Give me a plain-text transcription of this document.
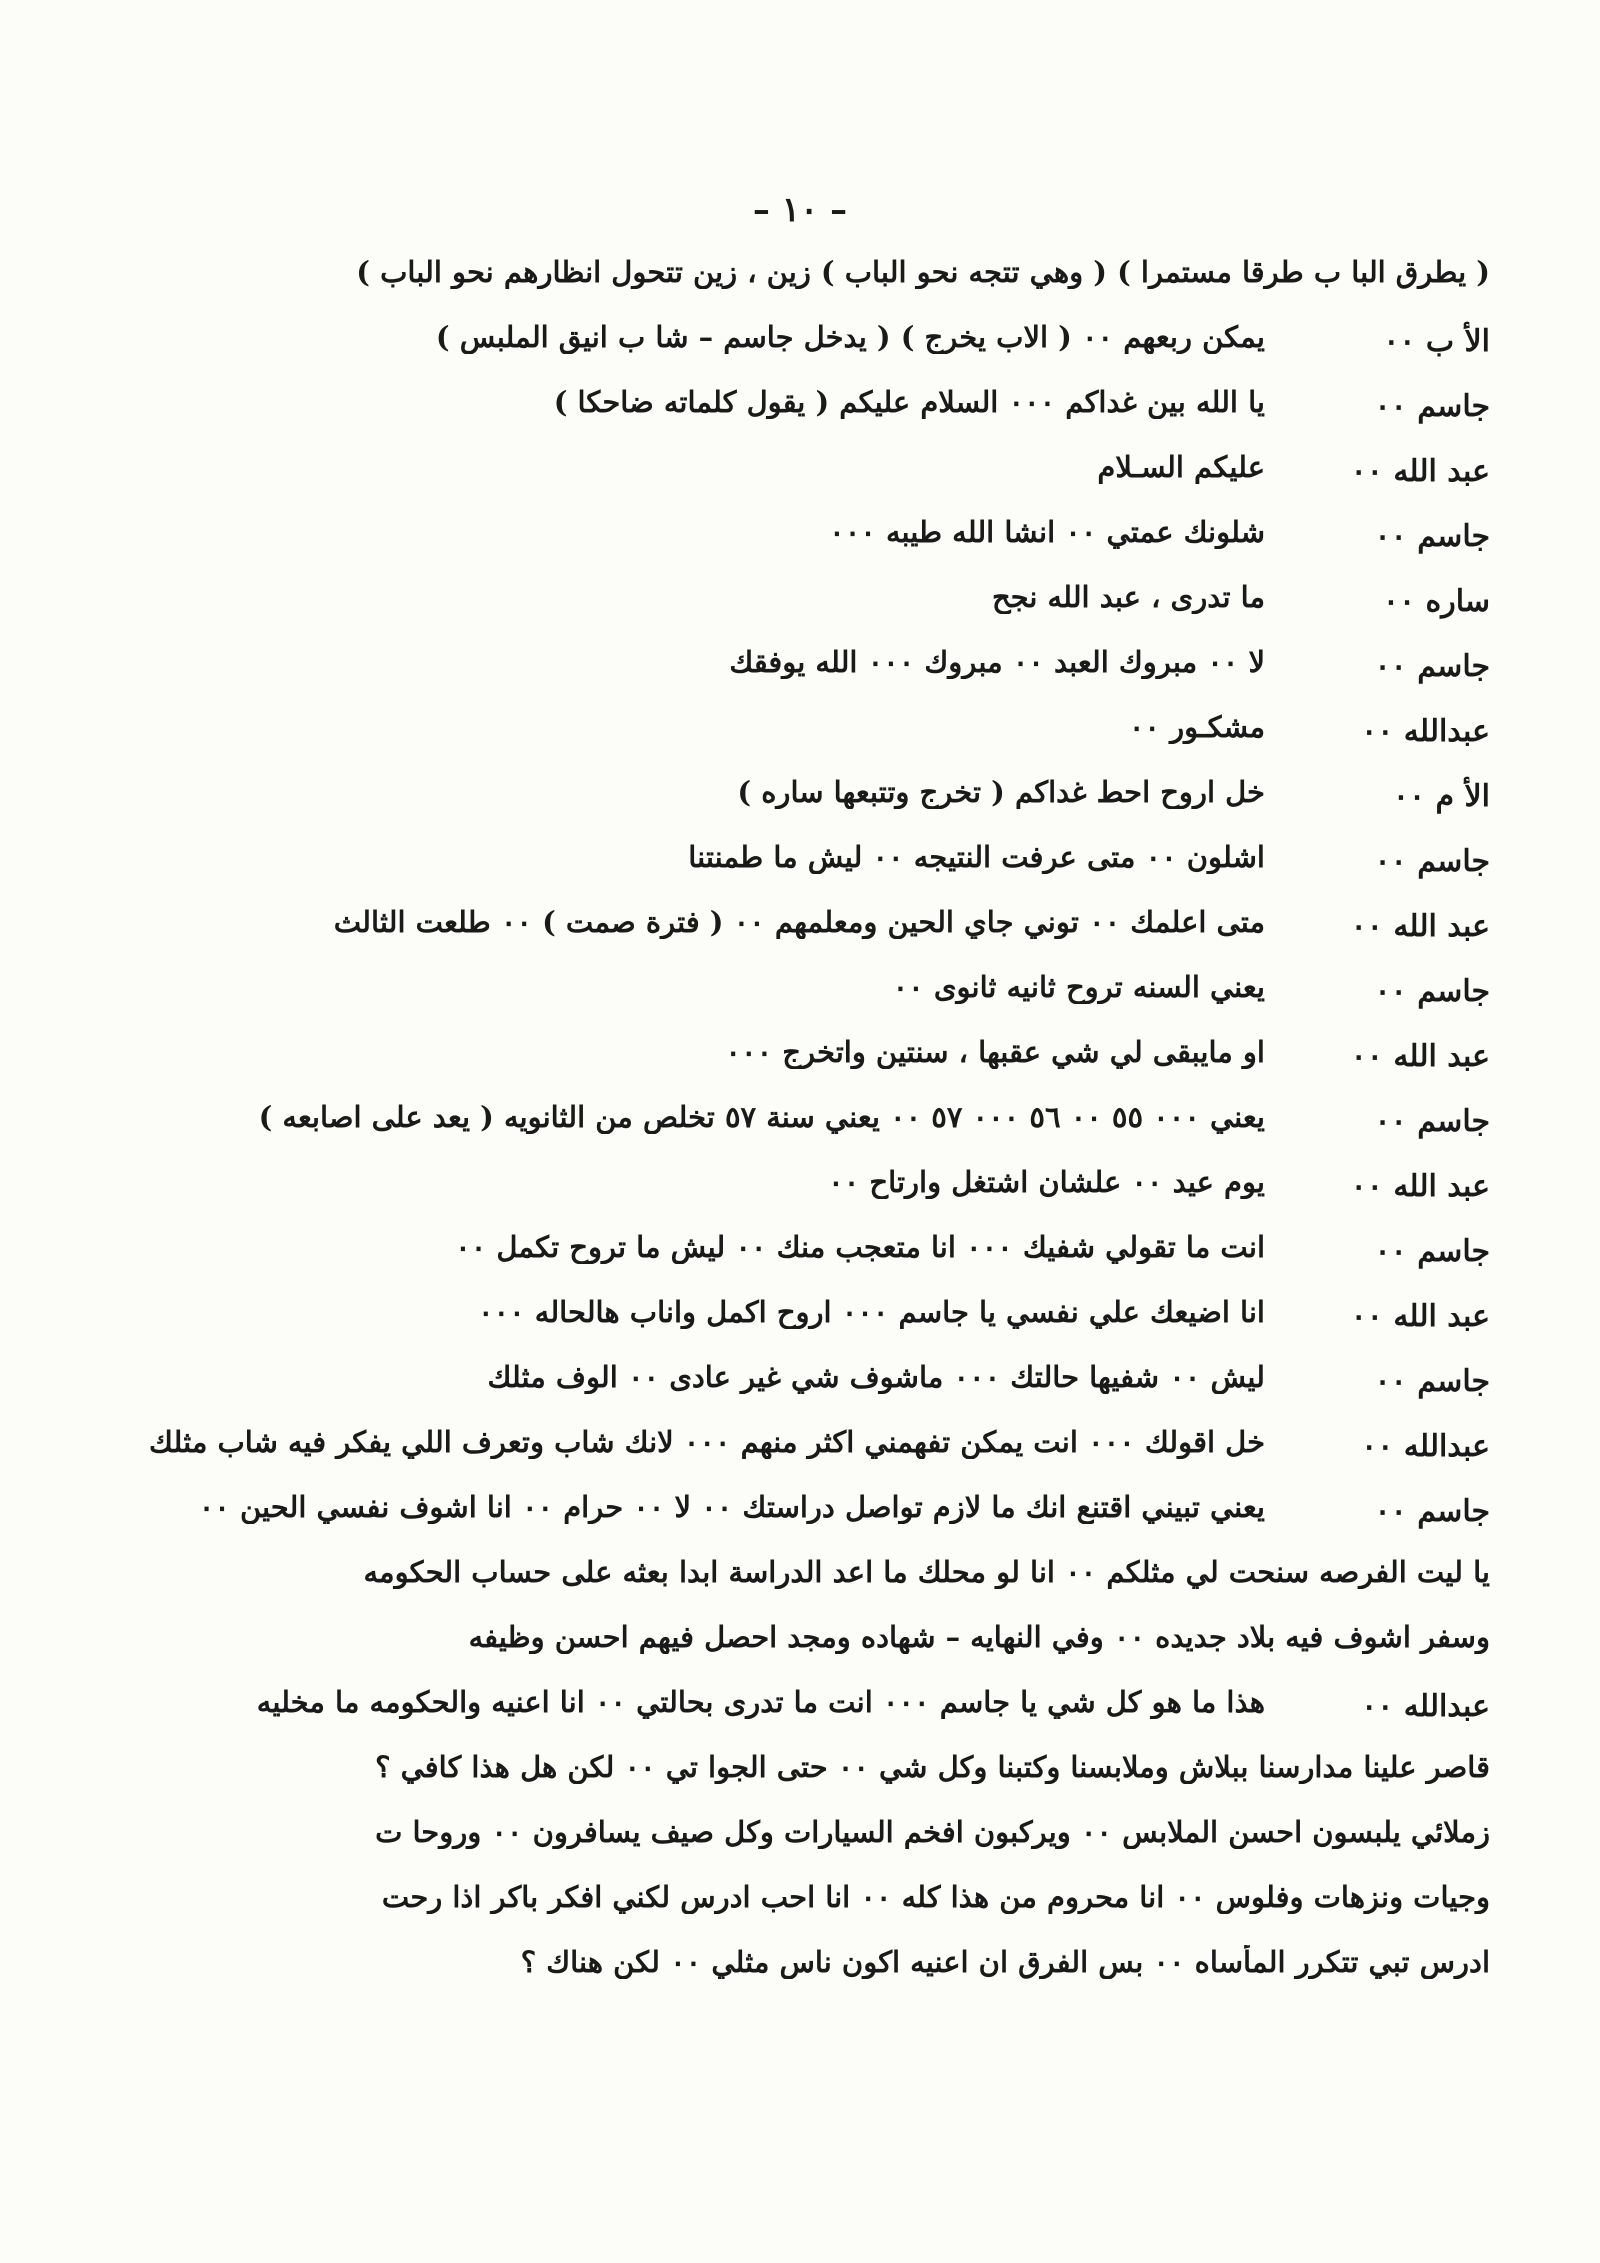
– ١٠ –
( يطرق البا ب طرقا مستمرا ) ( وهي تتجه نحو الباب ) زين ، زين تتحول انظارهم نحو الباب )
الأ ب ٠٠
يمكن ربعهم ٠٠ ( الاب يخرج ) ( يدخل جاسم – شا ب انيق الملبس )
جاسم ٠٠
يا الله بين غداكم ٠٠٠ السلام عليكم ( يقول كلماته ضاحكا )
عبد الله ٠٠
عليكم السـلام
جاسم ٠٠
شلونك عمتي ٠٠ انشا الله طيبه ٠٠٠
ساره ٠٠
ما تدرى ، عبد الله نجح
جاسم ٠٠
لا ٠٠ مبروك العبد ٠٠ مبروك ٠٠٠ الله يوفقك
عبدالله ٠٠
مشكـور ٠٠
الأ م ٠٠
خل اروح احط غداكم ( تخرج وتتبعها ساره )
جاسم ٠٠
اشلون ٠٠ متى عرفت النتيجه ٠٠ ليش ما طمنتنا
عبد الله ٠٠
متى اعلمك ٠٠ توني جاي الحين ومعلمهم ٠٠ ( فترة صمت ) ٠٠ طلعت الثالث
جاسم ٠٠
يعني السنه تروح ثانيه ثانوى ٠٠
عبد الله ٠٠
او مايبقى لي شي عقبها ، سنتين واتخرج ٠٠٠
جاسم ٠٠
يعني ٠٠٠ ٥٥ ٠٠ ٥٦ ٠٠٠ ٥٧ ٠٠ يعني سنة ٥٧ تخلص من الثانويه ( يعد على اصابعه )
عبد الله ٠٠
يوم عيد ٠٠ علشان اشتغل وارتاح ٠٠
جاسم ٠٠
انت ما تقولي شفيك ٠٠٠ انا متعجب منك ٠٠ ليش ما تروح تكمل ٠٠
عبد الله ٠٠
انا اضيعك علي نفسي يا جاسم ٠٠٠ اروح اكمل واناب هالحاله ٠٠٠
جاسم ٠٠
ليش ٠٠ شفيها حالتك ٠٠٠ ماشوف شي غير عادى ٠٠ الوف مثلك
عبدالله ٠٠
خل اقولك ٠٠٠ انت يمكن تفهمني اكثر منهم ٠٠٠ لانك شاب وتعرف اللي يفكر فيه شاب مثلك
جاسم ٠٠
يعني تبيني اقتنع انك ما لازم تواصل دراستك ٠٠ لا ٠٠ حرام ٠٠ انا اشوف نفسي الحين ٠٠
يا ليت الفرصه سنحت لي مثلكم ٠٠ انا لو محلك ما اعد الدراسة ابدا بعثه على حساب الحكومه
وسفر اشوف فيه بلاد جديده ٠٠ وفي النهايه – شهاده ومجد احصل فيهم احسن وظيفه
عبدالله ٠٠
هذا ما هو كل شي يا جاسم ٠٠٠ انت ما تدرى بحالتي ٠٠ انا اعنيه والحكومه ما مخليه
قاصر علينا مدارسنا ببلاش وملابسنا وكتبنا وكل شي ٠٠ حتى الجوا تي ٠٠ لكن هل هذا كافي ؟
زملائي يلبسون احسن الملابس ٠٠ ويركبون افخم السيارات وكل صيف يسافرون ٠٠ وروحا ت
وجيات ونزهات وفلوس ٠٠ انا محروم من هذا كله ٠٠ انا احب ادرس لكني افكر باكر اذا رحت
ادرس تبي تتكرر المأساه ٠٠ بس الفرق ان اعنيه اكون ناس مثلي ٠٠ لكن هناك ؟
